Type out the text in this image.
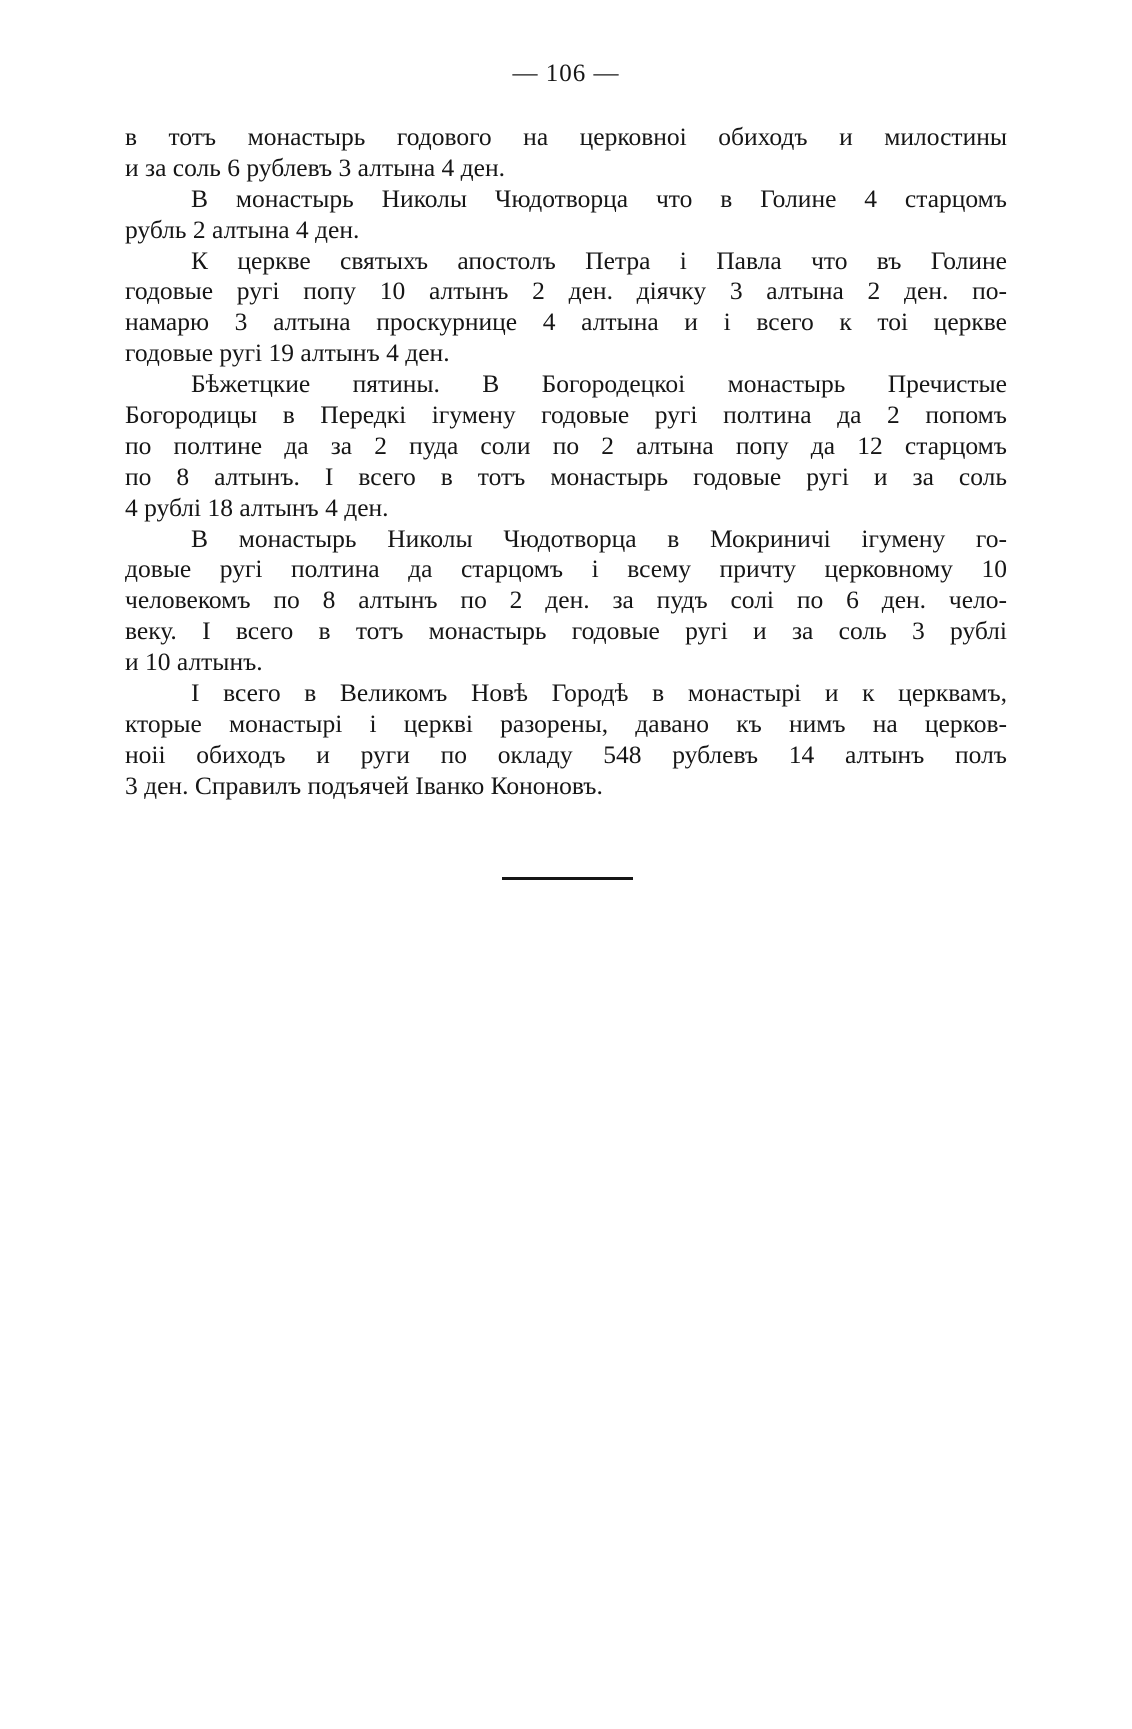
— 106 —
в тотъ монастырь годового на церковноі обиходъ и милостины
и за соль 6 рублевъ 3 алтына 4 ден.
В монастырь Николы Чюдотворца что в Голине 4 старцомъ
рубль 2 алтына 4 ден.
К церкве святыхъ апостолъ Петра і Павла что въ Голине
годовые ругі попу 10 алтынъ 2 ден. діячку 3 алтына 2 ден. по-
намарю 3 алтына проскурнице 4 алтына и і всего к тоі церкве
годовые ругі 19 алтынъ 4 ден.
Бѣжетцкие пятины. В Богородецкоі монастырь Пречистые
Богородицы в Передкі ігумену годовые ругі полтина да 2 попомъ
по полтине да за 2 пуда соли по 2 алтына попу да 12 старцомъ
по 8 алтынъ. І всего в тотъ монастырь годовые ругі и за соль
4 рублі 18 алтынъ 4 ден.
В монастырь Николы Чюдотворца в Мокриничі ігумену го-
довые ругі полтина да старцомъ і всему причту церковному 10
человекомъ по 8 алтынъ по 2 ден. за пудъ солі по 6 ден. чело-
веку. І всего в тотъ монастырь годовые ругі и за соль 3 рублі
и 10 алтынъ.
І всего в Великомъ Новѣ Городѣ в монастырі и к церквамъ,
кторые монастырі і церкві разорены, давано къ нимъ на церков-
ноіі обиходъ и руги по окладу 548 рублевъ 14 алтынъ полъ
3 ден. Справилъ подъячей Іванко Кононовъ.
